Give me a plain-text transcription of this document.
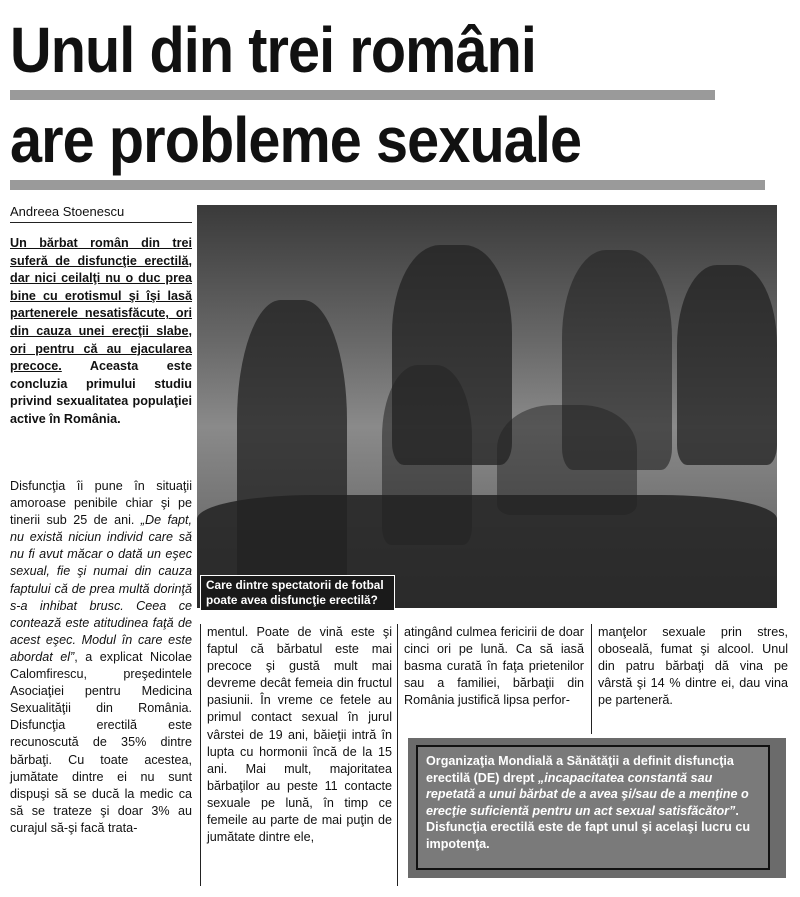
Unul din trei români
are probleme sexuale
Andreea Stoenescu
Un bărbat român din trei suferă de disfuncţie erectilă, dar nici ceilalţi nu o duc prea bine cu erotismul şi îşi lasă partenerele nesatisfăcute, ori din cauza unei erecţii slabe, ori pentru că au ejacularea precoce. Aceasta este concluzia primului studiu privind sexualitatea populaţiei active în România.
Care dintre spectatorii de fotbal poate avea disfuncţie erectilă?
Disfuncţia îi pune în situaţii amoroase penibile chiar şi pe tinerii sub 25 de ani. „De fapt, nu există niciun individ care să nu fi avut măcar o dată un eşec sexual, fie şi numai din cauza faptului că de prea multă dorinţă s-a inhibat brusc. Ceea ce contează este atitudinea faţă de acest eşec. Modul în care este abordat el”, a explicat Nicolae Calomfirescu, preşedintele Asociaţiei pentru Medicina Sexualităţii din România. Disfuncţia erectilă este recunoscută de 35% dintre bărbaţi. Cu toate acestea, jumătate dintre ei nu sunt dispuşi să se ducă la medic ca să se trateze şi doar 3% au curajul să-şi facă trata-
mentul. Poate de vină este şi faptul că bărbatul este mai precoce şi gustă mult mai devreme decât femeia din fructul pasiunii. În vreme ce fetele au primul contact sexual în jurul vârstei de 19 ani, băieţii intră în lupta cu hormonii încă de la 15 ani. Mai mult, majoritatea bărbaţilor au peste 11 contacte sexuale pe lună, în timp ce femeile au parte de mai puţin de jumătate dintre ele,
atingând culmea fericirii de doar cinci ori pe lună. Ca să iasă basma curată în faţa prietenilor sau a familiei, bărbaţii din România justifică lipsa perfor-
manţelor sexuale prin stres, oboseală, fumat şi alcool. Unul din patru bărbaţi dă vina pe vârstă şi 14 % dintre ei, dau vina pe parteneră.
Organizaţia Mondială a Sănătăţii a definit disfuncţia erectilă (DE) drept „incapacitatea constantă sau repetată a unui bărbat de a avea şi/sau de a menţine o erecţie suficientă pentru un act sexual satisfăcător”. Disfuncţia erectilă este de fapt unul şi acelaşi lucru cu impotenţa.
